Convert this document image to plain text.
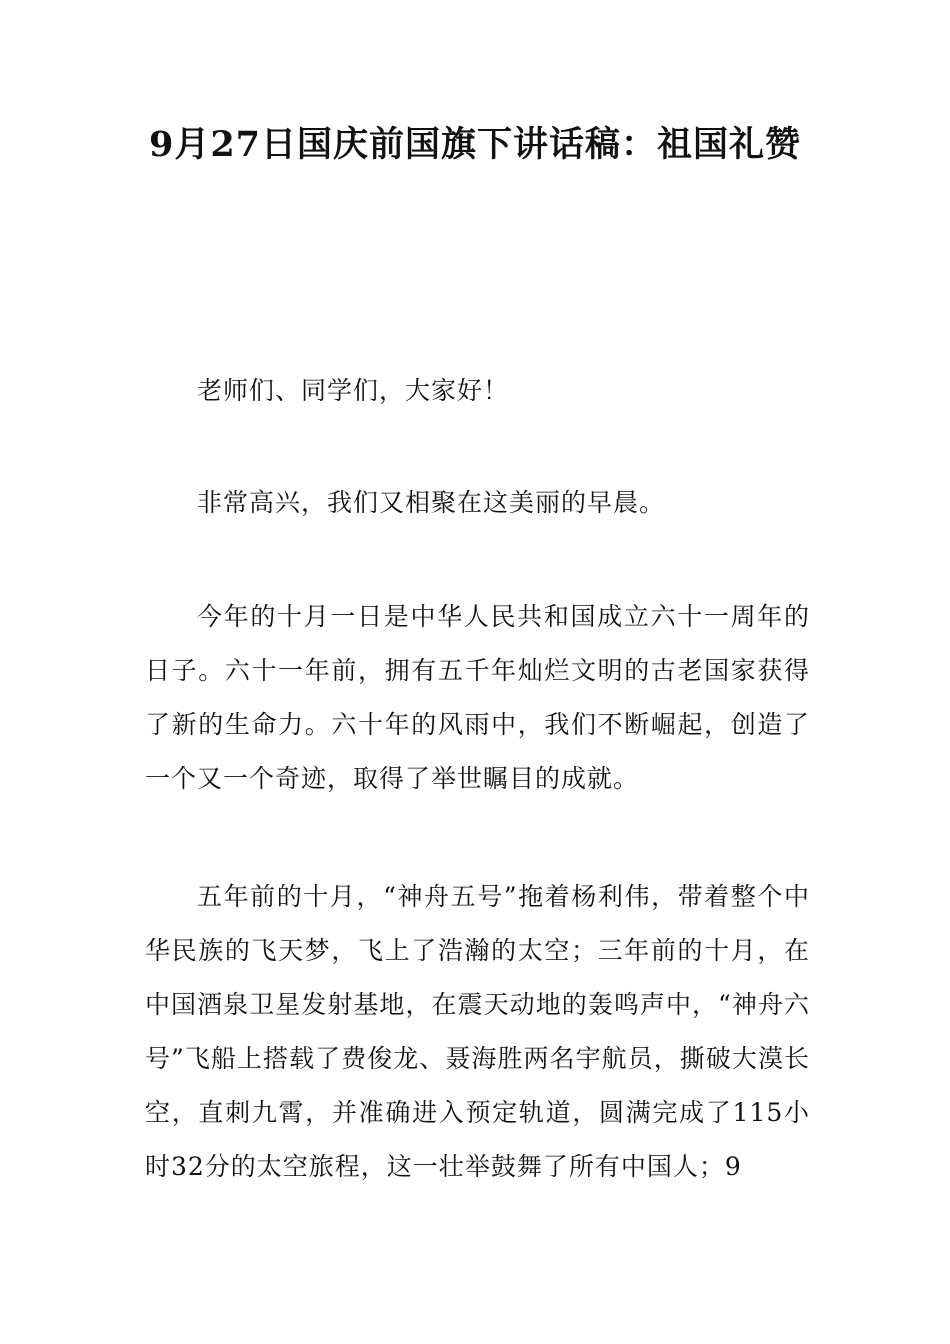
9月27日国庆前国旗下讲话稿：祖国礼赞

老师们、同学们，大家好！

非常高兴，我们又相聚在这美丽的早晨。

今年的十月一日是中华人民共和国成立六十一周年的日子。六十一年前，拥有五千年灿烂文明的古老国家获得了新的生命力。六十年的风雨中，我们不断崛起，创造了一个又一个奇迹，取得了举世瞩目的成就。

五年前的十月，“神舟五号”拖着杨利伟，带着整个中华民族的飞天梦，飞上了浩瀚的太空；三年前的十月，在中国酒泉卫星发射基地，在震天动地的轰鸣声中，“神舟六号”飞船上搭载了费俊龙、聂海胜两名宇航员，撕破大漠长空，直刺九霄，并准确进入预定轨道，圆满完成了115小时32分的太空旅程，这一壮举鼓舞了所有中国人；9
